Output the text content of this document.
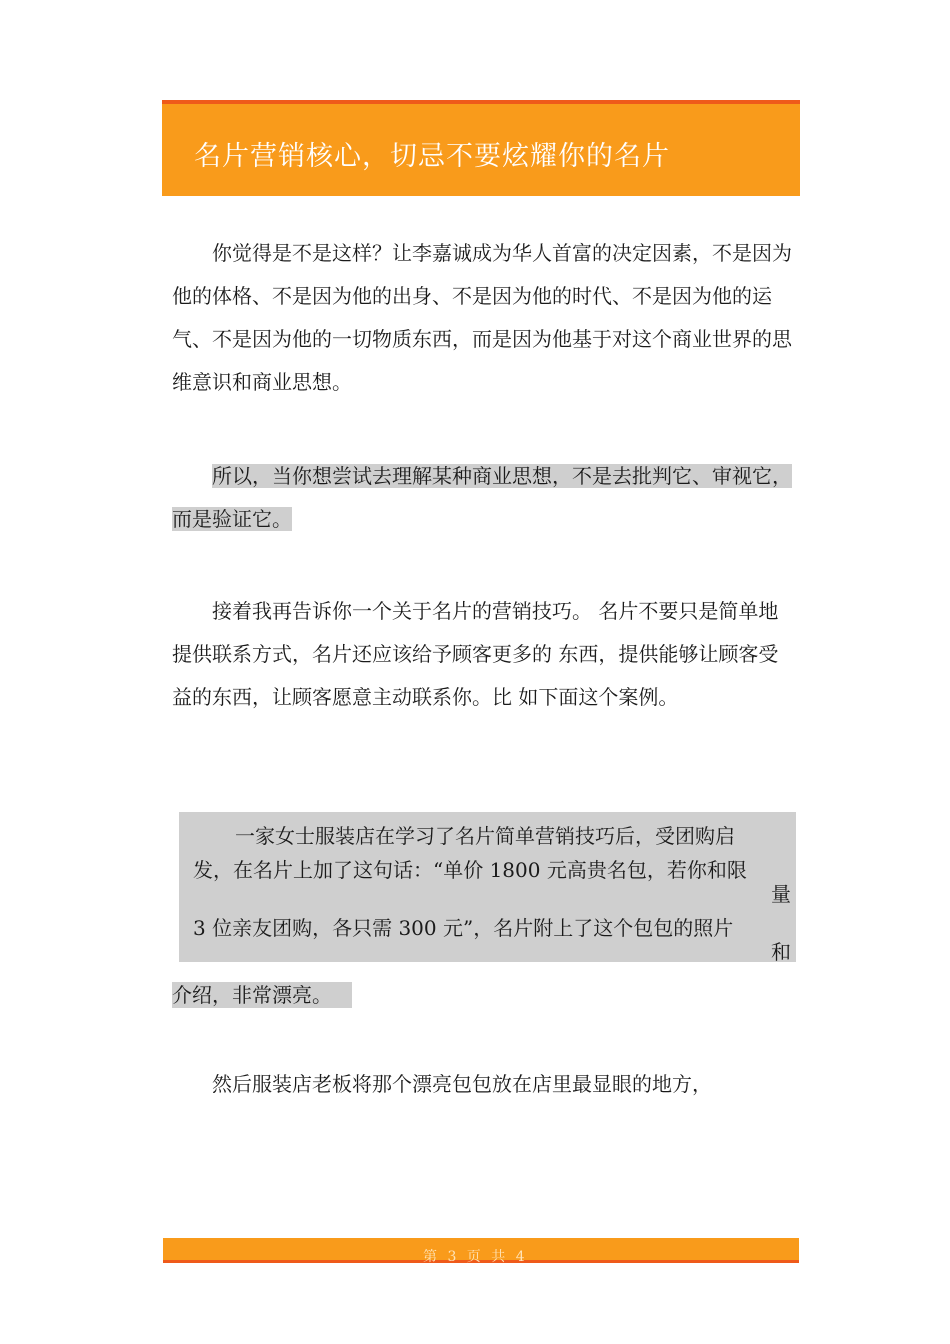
名片营销核心，切忌不要炫耀你的名片

你觉得是不是这样？让李嘉诚成为华人首富的决定因素，不是因为他的体格、不是因为他的出身、不是因为他的时代、不是因为他的运气、不是因为他的一切物质东西，而是因为他基于对这个商业世界的思维意识和商业思想。

所以，当你想尝试去理解某种商业思想，不是去批判它、审视它，而是验证它。

接着我再告诉你一个关于名片的营销技巧。 名片不要只是简单地提供联系方式，名片还应该给予顾客更多的 东西，提供能够让顾客受益的东西，让顾客愿意主动联系你。比 如下面这个案例。

一家女士服装店在学习了名片简单营销技巧后，受团购启
发，在名片上加了这句话：“单价 1800 元高贵名包，若你和限
量
3 位亲友团购，各只需 300 元”，名片附上了这个包包的照片
和
介绍，非常漂亮。

然后服装店老板将那个漂亮包包放在店里最显眼的地方，

第 3 页 共 4
